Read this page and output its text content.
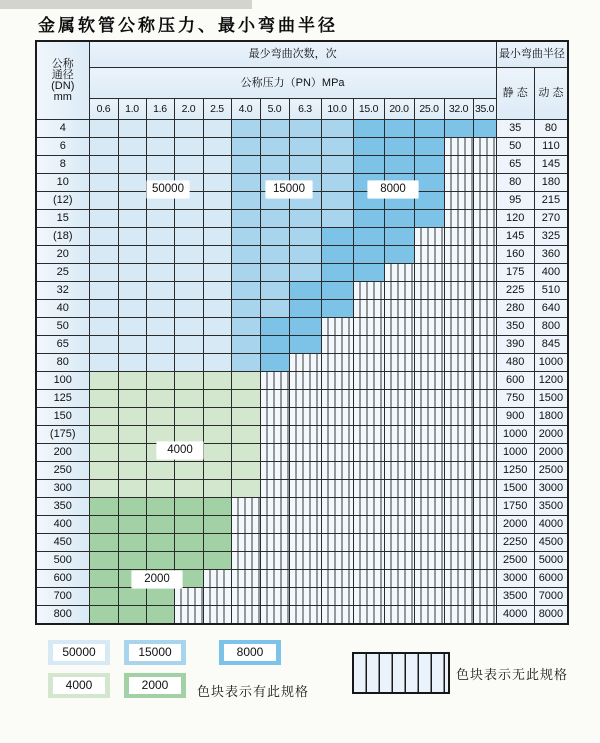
金属软管公称压力、最小弯曲半径
公称
通径
(DN)
mm	最少弯曲次数，次														最小弯曲半径	
	公称压力（PN）MPa														静 态	动 态
	0.6	1.0	1.6	2.0	2.5	4.0	5.0	6.3	10.0	15.0	20.0	25.0	32.0	35.0		
4															35	80
6															50	110
8															65	145
10															80	180
(12)															95	215
15															120	270
(18)															145	325
20															160	360
25															175	400
32															225	510
40															280	640
50															350	800
65															390	845
80															480	1000
100															600	1200
125															750	1500
150															900	1800
(175)															1000	2000
200															1000	2000
250															1250	2500
300															1500	3000
350															1750	3500
400															2000	4000
450															2250	4500
500															2500	5000
600															3000	6000
700															3500	7000
800															4000	8000
50000	15000	8000
4000
2000
色块表示有此规格
色块表示无此规格
50000	15000	8000
4000	2000
